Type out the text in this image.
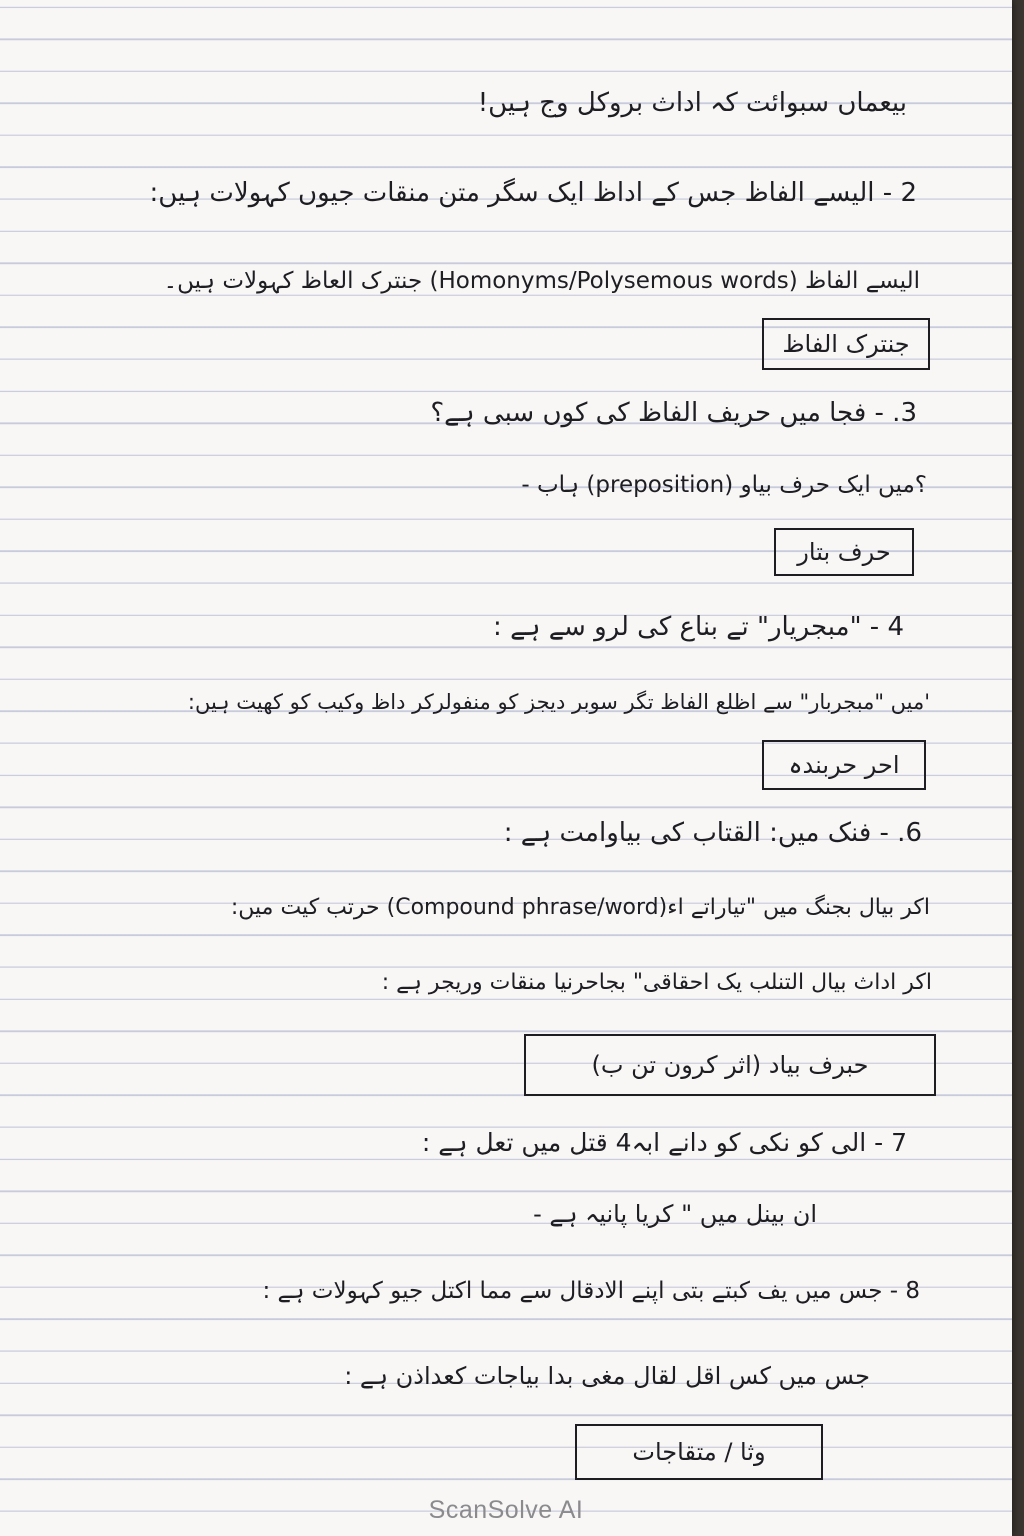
بیعماں سبوائت کہ اداث بروکل وج ہیں!

2 - الیسے الفاظ جس کے اداظ ایک سگر متن منقات جیوں کہولات ہیں:

الیسے الفاظ (Homonyms/Polysemous words) جنترک العاظ کہولات ہیں۔

جنترک الفاظ

3. - فجا میں حریف الفاظ کی کوں سبی ہے؟

؟میں ایک حرف بیاو (preposition) ہاب -

حرف بتار

4 - "مبجریار" تے بناع کی لرو سے ہے :

'میں "مبجربار" سے اظلع الفاظ تگر سوبر دیجز کو منفولرکر داظ وکیب کو کھیت ہیں:

احر حربندہ

6. - فنک میں: القتاب کی بیاوامت ہے :

اکر بیال بجنگ میں "تیاراتے اء(Compound phrase/word) حرتب کیت میں:

اکر اداث بیال التنلب یک احقاقی" بجاحرنیا منقات وریجر ہے :

حبرف بیاد (اثر کرون تن ب)

7 - الی کو نکی کو دانے ابہ4 قتل میں تعل ہے :

ان بینل میں " کریا پانیہ ہے -

8 - جس میں یف کبتے بتی اپنے الادقال سے مما اکتل جیو کہولات ہے :

جس میں کس اقل لقال مغی بدا بیاجات کعداذن ہے :

وثا / متقاجات
ScanSolve AI
